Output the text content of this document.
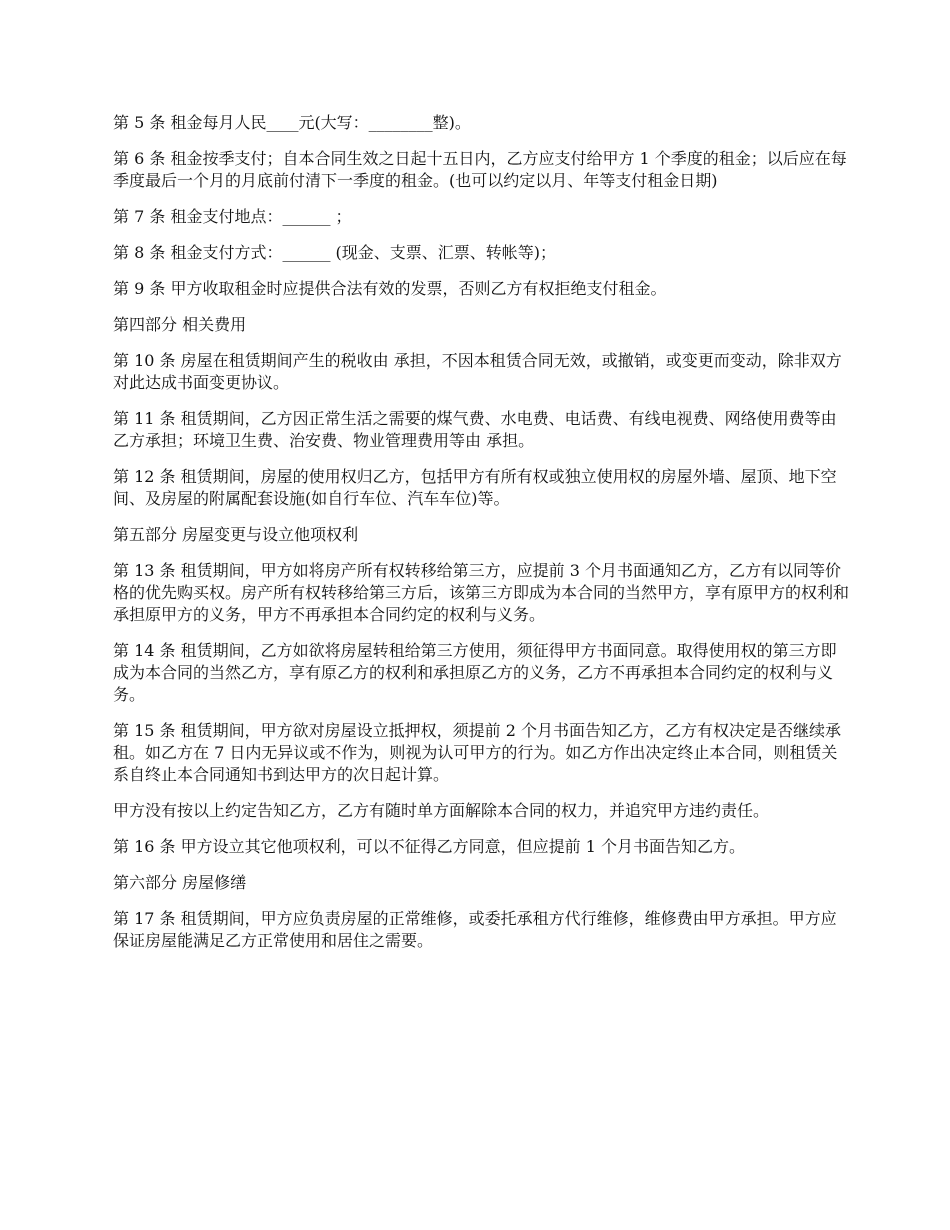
第 5 条 租金每月人民____元(大写：________整)。

第 6 条 租金按季支付；自本合同生效之日起十五日内，乙方应支付给甲方 1 个季度的租金；以后应在每季度最后一个月的月底前付清下一季度的租金。(也可以约定以月、年等支付租金日期)

第 7 条 租金支付地点：______ ；

第 8 条 租金支付方式：______ (现金、支票、汇票、转帐等)；

第 9 条 甲方收取租金时应提供合法有效的发票，否则乙方有权拒绝支付租金。

第四部分 相关费用

第 10 条 房屋在租赁期间产生的税收由 承担，不因本租赁合同无效，或撤销，或变更而变动，除非双方对此达成书面变更协议。

第 11 条 租赁期间，乙方因正常生活之需要的煤气费、水电费、电话费、有线电视费、网络使用费等由乙方承担；环境卫生费、治安费、物业管理费用等由 承担。

第 12 条 租赁期间，房屋的使用权归乙方，包括甲方有所有权或独立使用权的房屋外墙、屋顶、地下空间、及房屋的附属配套设施(如自行车位、汽车车位)等。

第五部分 房屋变更与设立他项权利

第 13 条 租赁期间，甲方如将房产所有权转移给第三方，应提前 3 个月书面通知乙方，乙方有以同等价格的优先购买权。房产所有权转移给第三方后，该第三方即成为本合同的当然甲方，享有原甲方的权利和承担原甲方的义务，甲方不再承担本合同约定的权利与义务。

第 14 条 租赁期间，乙方如欲将房屋转租给第三方使用，须征得甲方书面同意。取得使用权的第三方即成为本合同的当然乙方，享有原乙方的权利和承担原乙方的义务，乙方不再承担本合同约定的权利与义务。

第 15 条 租赁期间，甲方欲对房屋设立抵押权，须提前 2 个月书面告知乙方，乙方有权决定是否继续承租。如乙方在 7 日内无异议或不作为，则视为认可甲方的行为。如乙方作出决定终止本合同，则租赁关系自终止本合同通知书到达甲方的次日起计算。

甲方没有按以上约定告知乙方，乙方有随时单方面解除本合同的权力，并追究甲方违约责任。

第 16 条 甲方设立其它他项权利，可以不征得乙方同意，但应提前 1 个月书面告知乙方。

第六部分 房屋修缮

第 17 条 租赁期间，甲方应负责房屋的正常维修，或委托承租方代行维修，维修费由甲方承担。甲方应保证房屋能满足乙方正常使用和居住之需要。
